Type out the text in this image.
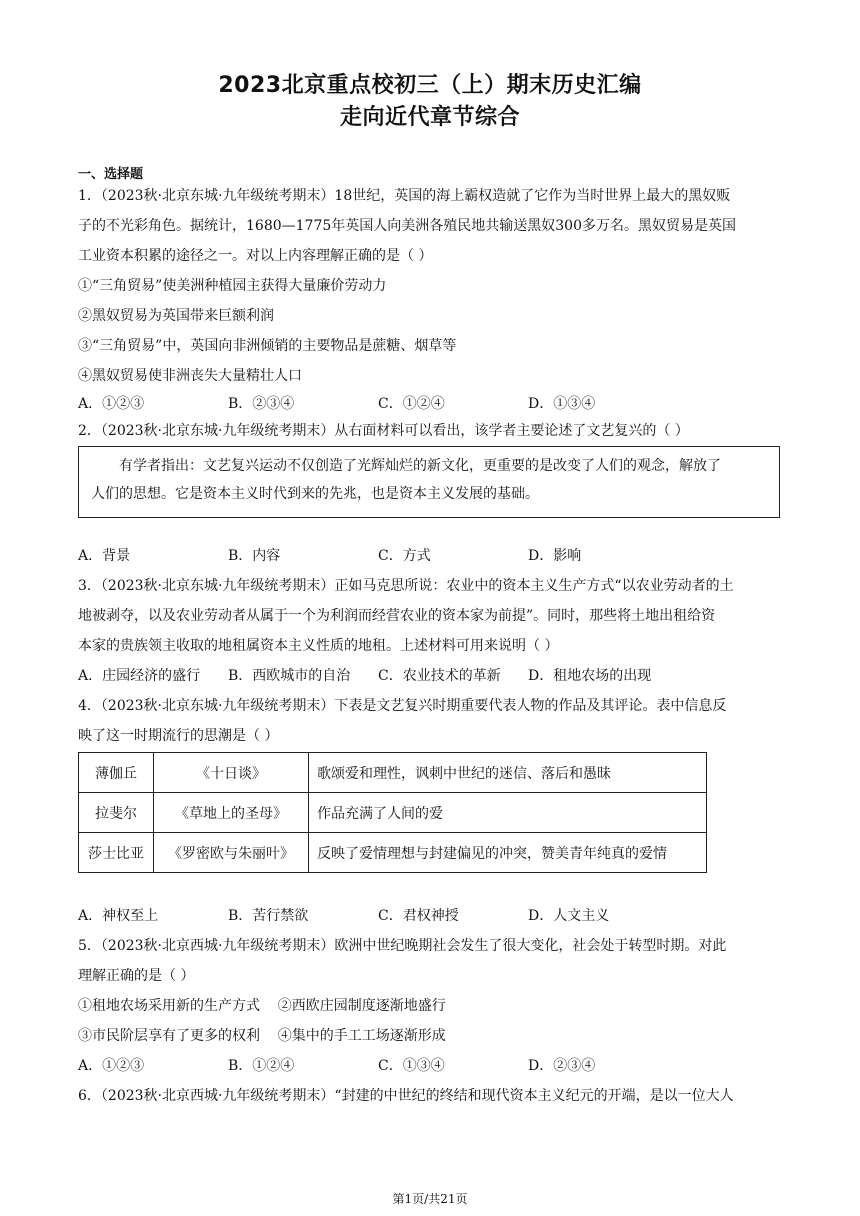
2023北京重点校初三（上）期末历史汇编
走向近代章节综合
一、选择题
1．（2023秋·北京东城·九年级统考期末）18世纪，英国的海上霸权造就了它作为当时世界上最大的黑奴贩
子的不光彩角色。据统计，1680—1775年英国人向美洲各殖民地共输送黑奴300多万名。黑奴贸易是英国
工业资本积累的途径之一。对以上内容理解正确的是（ ）
①“三角贸易”使美洲种植园主获得大量廉价劳动力
②黑奴贸易为英国带来巨额利润
③“三角贸易”中，英国向非洲倾销的主要物品是蔗糖、烟草等
④黑奴贸易使非洲丧失大量精壮人口
A．①②③	B．②③④	C．①②④	D．①③④
2．（2023秋·北京东城·九年级统考期末）从右面材料可以看出，该学者主要论述了文艺复兴的（ ）
有学者指出：文艺复兴运动不仅创造了光辉灿烂的新文化，更重要的是改变了人们的观念，解放了
人们的思想。它是资本主义时代到来的先兆，也是资本主义发展的基础。
A．背景	B．内容	C．方式	D．影响
3．（2023秋·北京东城·九年级统考期末）正如马克思所说：农业中的资本主义生产方式“以农业劳动者的土
地被剥夺，以及农业劳动者从属于一个为利润而经营农业的资本家为前提”。同时，那些将土地出租给资
本家的贵族领主收取的地租属资本主义性质的地租。上述材料可用来说明（ ）
A．庄园经济的盛行 B．西欧城市的自治 C．农业技术的革新 D．租地农场的出现
4．（2023秋·北京东城·九年级统考期末）下表是文艺复兴时期重要代表人物的作品及其评论。表中信息反
映了这一时期流行的思潮是（ ）
薄伽丘	《十日谈》	歌颂爱和理性，讽刺中世纪的迷信、落后和愚昧
拉斐尔	《草地上的圣母》	作品充满了人间的爱
莎士比亚	《罗密欧与朱丽叶》	反映了爱情理想与封建偏见的冲突，赞美青年纯真的爱情
A．神权至上	B．苦行禁欲	C．君权神授	D．人文主义
5．（2023秋·北京西城·九年级统考期末）欧洲中世纪晚期社会发生了很大变化，社会处于转型时期。对此
理解正确的是（ ）
①租地农场采用新的生产方式    ②西欧庄园制度逐渐地盛行
③市民阶层享有了更多的权利    ④集中的手工工场逐渐形成
A．①②③	B．①②④	C．①③④	D．②③④
6．（2023秋·北京西城·九年级统考期末）“封建的中世纪的终结和现代资本主义纪元的开端，是以一位大人
第1页/共21页
